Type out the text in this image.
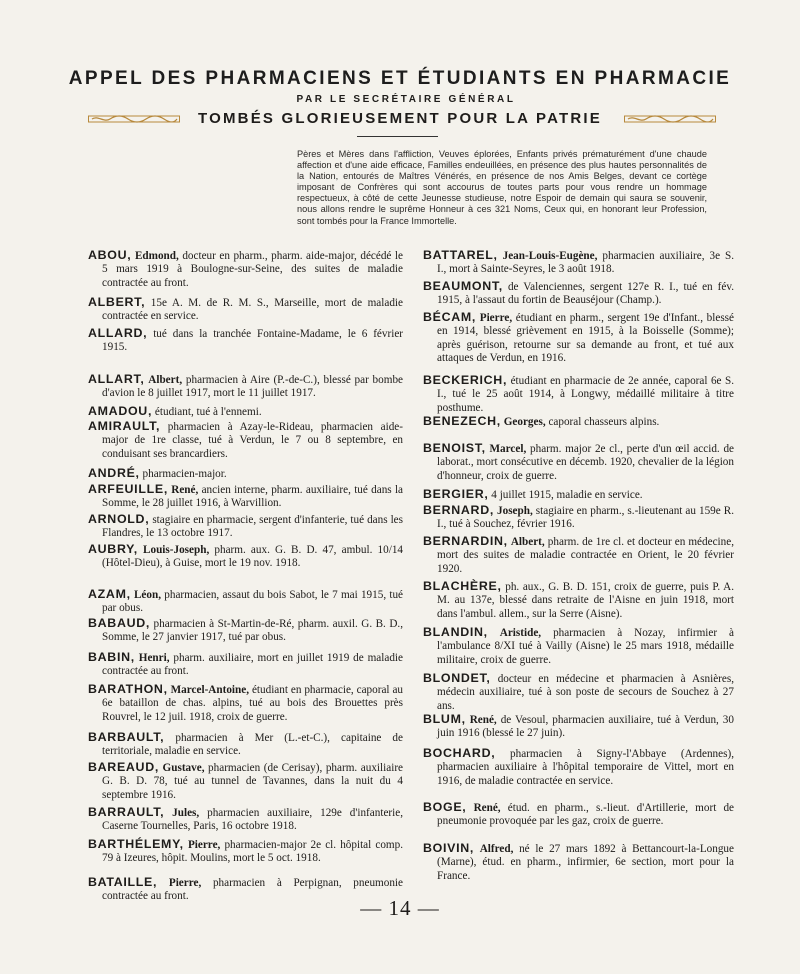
APPEL DES PHARMACIENS ET ÉTUDIANTS EN PHARMACIE

PAR LE SECRÉTAIRE GÉNÉRAL

TOMBÉS GLORIEUSEMENT POUR LA PATRIE

Pères et Mères dans l'affliction, Veuves éplorées, Enfants privés prématurément d'une chaude affection et d'une aide efficace, Familles endeuillées, en présence des plus hautes personnalités de la Nation, entourés de Maîtres Vénérés, en présence de nos Amis Belges, devant ce cortège imposant de Confrères qui sont accourus de toutes parts pour vous rendre un hommage respectueux, à côté de cette Jeunesse studieuse, notre Espoir de demain qui saura se souvenir, nous allons rendre le suprême Honneur à ces 321 Noms, Ceux qui, en honorant leur Profession, sont tombés pour la France Immortelle.

ABOU, Edmond, docteur en pharm., pharm. aide-major, décédé le 5 mars 1919 à Boulogne-sur-Seine, des suites de maladie contractée au front.

ALBERT, 15e A. M. de R. M. S., Marseille, mort de maladie contractée en service.

ALLARD, tué dans la tranchée Fontaine-Madame, le 6 février 1915.

ALLART, Albert, pharmacien à Aire (P.-de-C.), blessé par bombe d'avion le 8 juillet 1917, mort le 11 juillet 1917.

AMADOU, étudiant, tué à l'ennemi.

AMIRAULT, pharmacien à Azay-le-Rideau, pharmacien aide-major de 1re classe, tué à Verdun, le 7 ou 8 septembre, en conduisant ses brancardiers.

ANDRÉ, pharmacien-major.

ARFEUILLE, René, ancien interne, pharm. auxiliaire, tué dans la Somme, le 28 juillet 1916, à Warvillion.

ARNOLD, stagiaire en pharmacie, sergent d'infanterie, tué dans les Flandres, le 13 octobre 1917.

AUBRY, Louis-Joseph, pharm. aux. G. B. D. 47, ambul. 10/14 (Hôtel-Dieu), à Guise, mort le 19 nov. 1918.

AZAM, Léon, pharmacien, assaut du bois Sabot, le 7 mai 1915, tué par obus.

BABAUD, pharmacien à St-Martin-de-Ré, pharm. auxil. G. B. D., Somme, le 27 janvier 1917, tué par obus.

BABIN, Henri, pharm. auxiliaire, mort en juillet 1919 de maladie contractée au front.

BARATHON, Marcel-Antoine, étudiant en pharmacie, caporal au 6e bataillon de chas. alpins, tué au bois des Brouettes près Rouvrel, le 12 juil. 1918, croix de guerre.

BARBAULT, pharmacien à Mer (L.-et-C.), capitaine de territoriale, maladie en service.

BAREAUD, Gustave, pharmacien (de Cerisay), pharm. auxiliaire G. B. D. 78, tué au tunnel de Tavannes, dans la nuit du 4 septembre 1916.

BARRAULT, Jules, pharmacien auxiliaire, 129e d'infanterie, Caserne Tournelles, Paris, 16 octobre 1918.

BARTHÉLEMY, Pierre, pharmacien-major 2e cl. hôpital comp. 79 à Izeures, hôpit. Moulins, mort le 5 oct. 1918.

BATAILLE, Pierre, pharmacien à Perpignan, pneumonie contractée au front.

BATTAREL, Jean-Louis-Eugène, pharmacien auxiliaire, 3e S. I., mort à Sainte-Seyres, le 3 août 1918.

BEAUMONT, de Valenciennes, sergent 127e R. I., tué en fév. 1915, à l'assaut du fortin de Beauséjour (Champ.).

BÉCAM, Pierre, étudiant en pharm., sergent 19e d'Infant., blessé en 1914, blessé grièvement en 1915, à la Boisselle (Somme); après guérison, retourne sur sa demande au front, et tué aux attaques de Verdun, en 1916.

BECKERICH, étudiant en pharmacie de 2e année, caporal 6e S. I., tué le 25 août 1914, à Longwy, médaillé militaire à titre posthume.

BENEZECH, Georges, caporal chasseurs alpins.

BENOIST, Marcel, pharm. major 2e cl., perte d'un œil accid. de laborat., mort consécutive en décemb. 1920, chevalier de la légion d'honneur, croix de guerre.

BERGIER, 4 juillet 1915, maladie en service.

BERNARD, Joseph, stagiaire en pharm., s.-lieutenant au 159e R. I., tué à Souchez, février 1916.

BERNARDIN, Albert, pharm. de 1re cl. et docteur en médecine, mort des suites de maladie contractée en Orient, le 20 février 1920.

BLACHÈRE, ph. aux., G. B. D. 151, croix de guerre, puis P. A. M. au 137e, blessé dans retraite de l'Aisne en juin 1918, mort dans l'ambul. allem., sur la Serre (Aisne).

BLANDIN, Aristide, pharmacien à Nozay, infirmier à l'ambulance 8/XI tué à Vailly (Aisne) le 25 mars 1918, médaille militaire, croix de guerre.

BLONDET, docteur en médecine et pharmacien à Asnières, médecin auxiliaire, tué à son poste de secours de Souchez à 27 ans.

BLUM, René, de Vesoul, pharmacien auxiliaire, tué à Verdun, 30 juin 1916 (blessé le 27 juin).

BOCHARD, pharmacien à Signy-l'Abbaye (Ardennes), pharmacien auxiliaire à l'hôpital temporaire de Vittel, mort en 1916, de maladie contractée en service.

BOGE, René, étud. en pharm., s.-lieut. d'Artillerie, mort de pneumonie provoquée par les gaz, croix de guerre.

BOIVIN, Alfred, né le 27 mars 1892 à Bettancourt-la-Longue (Marne), étud. en pharm., infirmier, 6e section, mort pour la France.

— 14 —
